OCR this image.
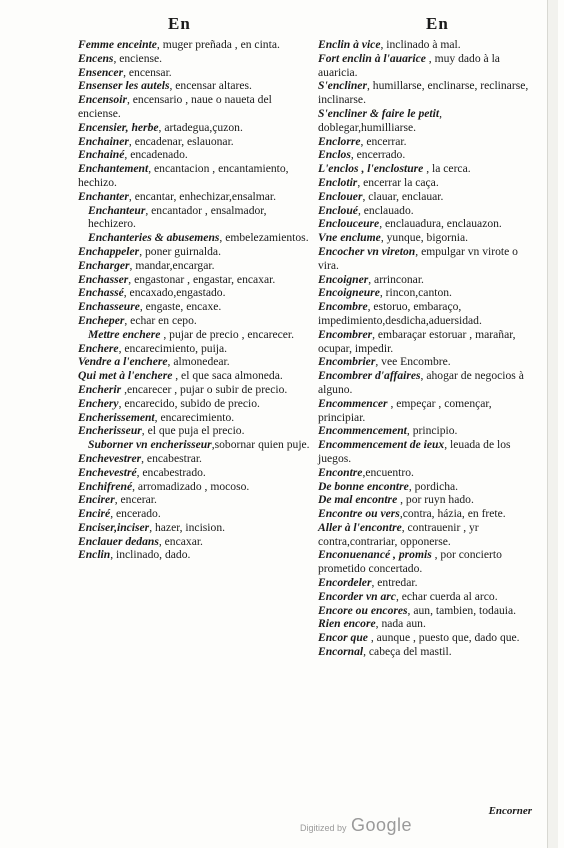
En	En

Femme enceinte, muger preñada , en cinta.

Encens, enciense.

Ensencer, encensar.

Ensenser les autels, encensar altares.

Encensoir, encensario , naue o naueta del enciense.

Encensier, herbe, artadegua,çuzon.

Enchainer, encadenar, eslauonar.

Enchainé, encadenado.

Enchantement, encantacion , encantamiento, hechizo.

Enchanter, encantar, enhechizar,ensalmar.

Enchanteur, encantador , ensalmador, hechizero.

Enchanteries & abusemens, embelezamientos.

Enchappeler, poner guirnalda.

Encharger, mandar,encargar.

Enchasser, engastonar , engastar, encaxar.

Enchassé, encaxado,engastado.

Enchasseure, engaste, encaxe.

Encheper, echar en cepo.

Mettre enchere , pujar de precio , encarecer.

Enchere, encarecimiento, puija.

Vendre a l'enchere, almonedear.

Qui met à l'enchere , el que saca almoneda.

Encherir ,encarecer , pujar o subir de precio.

Enchery, encarecido, subido de precio.

Encherissement, encarecimiento.

Encherisseur, el que puja el precio.

Suborner vn encherisseur,sobornar quien puje.

Enchevestrer, encabestrar.

Enchevestré, encabestrado.

Enchifrené, arromadizado , mocoso.

Encirer, encerar.

Enciré, encerado.

Enciser,inciser, hazer, incision.

Enclauer dedans, encaxar.

Enclin, inclinado, dado.

Enclin à vice, inclinado à mal.

Fort enclin à l'auarice , muy dado à la auaricia.

S'encliner, humillarse, enclinarse, reclinarse, inclinarse.

S'encliner & faire le petit, doblegar,humilliarse.

Enclorre, encerrar.

Enclos, encerrado.

L'enclos , l'enclosture , la cerca.

Enclotir, encerrar la caça.

Enclouer, clauar, enclauar.

Encloué, enclauado.

Enclouceure, enclauadura, enclauazon.

Vne enclume, yunque, bigornia.

Encocher vn vireton, empulgar vn virote o vira.

Encoigner, arrinconar.

Encoigneure, rincon,canton.

Encombre, estoruo, embaraço, impedimiento,desdicha,aduersidad.

Encombrer, embaraçar estoruar , marañar, ocupar, impedir.

Encombrier, vee Encombre.

Encombrer d'affaires, ahogar de negocios à alguno.

Encommencer , empeçar , començar, principiar.

Encommencement, principio.

Encommencement de ieux, leuada de los juegos.

Encontre,encuentro.

De bonne encontre, pordicha.

De mal encontre , por ruyn hado.

Encontre ou vers,contra, házia, en frete.

Aller à l'encontre, contrauenir , yr contra,contrariar, opponerse.

Enconuenancé , promis , por concierto prometido concertado.

Encordeler, entredar.

Encorder vn arc, echar cuerda al arco.

Encore ou encores, aun, tambien, todauia.

Rien encore, nada aun.

Encor que , aunque , puesto que, dado que.

Encornal, cabeça del mastil.

Encorner
Digitized by Google
